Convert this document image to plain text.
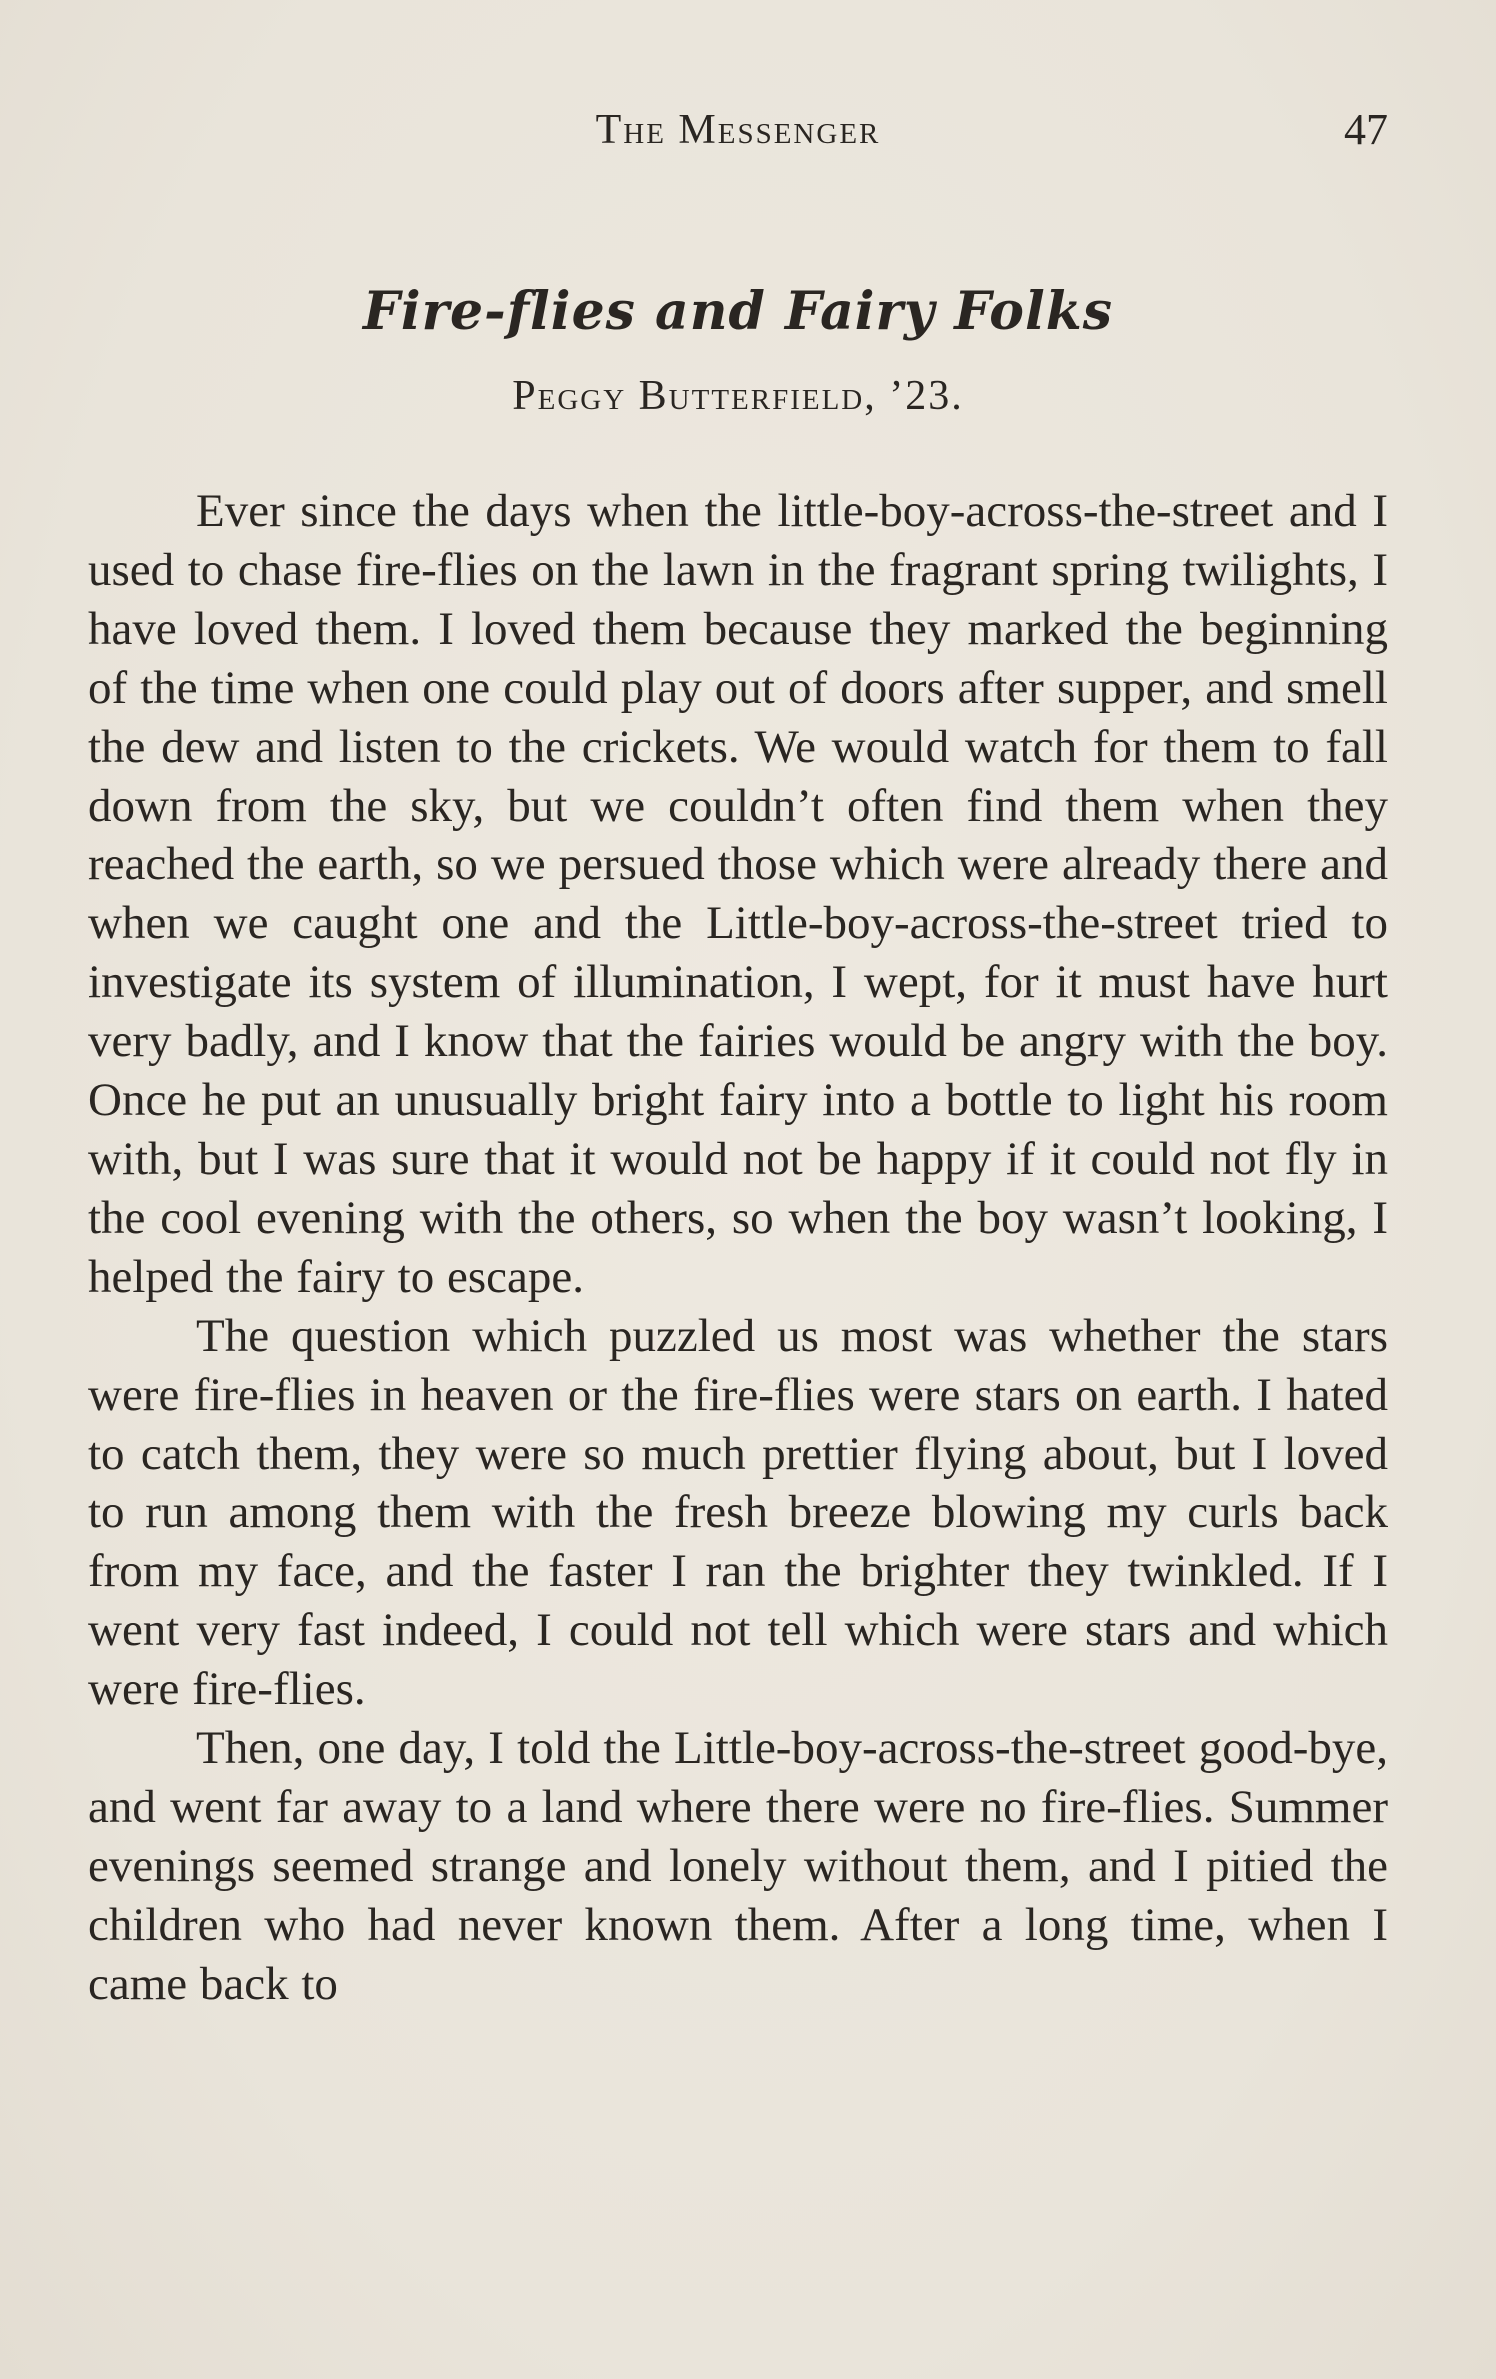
The Messenger	47
Fire-flies and Fairy Folks
Peggy Butterfield, ’23.

Ever since the days when the little-boy-across-the-street and I used to chase fire-flies on the lawn in the fragrant spring twilights, I have loved them. I loved them because they marked the beginning of the time when one could play out of doors after supper, and smell the dew and listen to the crickets. We would watch for them to fall down from the sky, but we couldn’t often find them when they reached the earth, so we persued those which were already there and when we caught one and the Little-boy-across-the-street tried to investigate its system of illumination, I wept, for it must have hurt very badly, and I know that the fairies would be angry with the boy. Once he put an unusually bright fairy into a bottle to light his room with, but I was sure that it would not be happy if it could not fly in the cool evening with the others, so when the boy wasn’t looking, I helped the fairy to escape.

The question which puzzled us most was whether the stars were fire-flies in heaven or the fire-flies were stars on earth. I hated to catch them, they were so much prettier flying about, but I loved to run among them with the fresh breeze blowing my curls back from my face, and the faster I ran the brighter they twinkled. If I went very fast indeed, I could not tell which were stars and which were fire-flies.

Then, one day, I told the Little-boy-across-the-street good-bye, and went far away to a land where there were no fire-flies. Summer evenings seemed strange and lonely without them, and I pitied the children who had never known them. After a long time, when I came back to
